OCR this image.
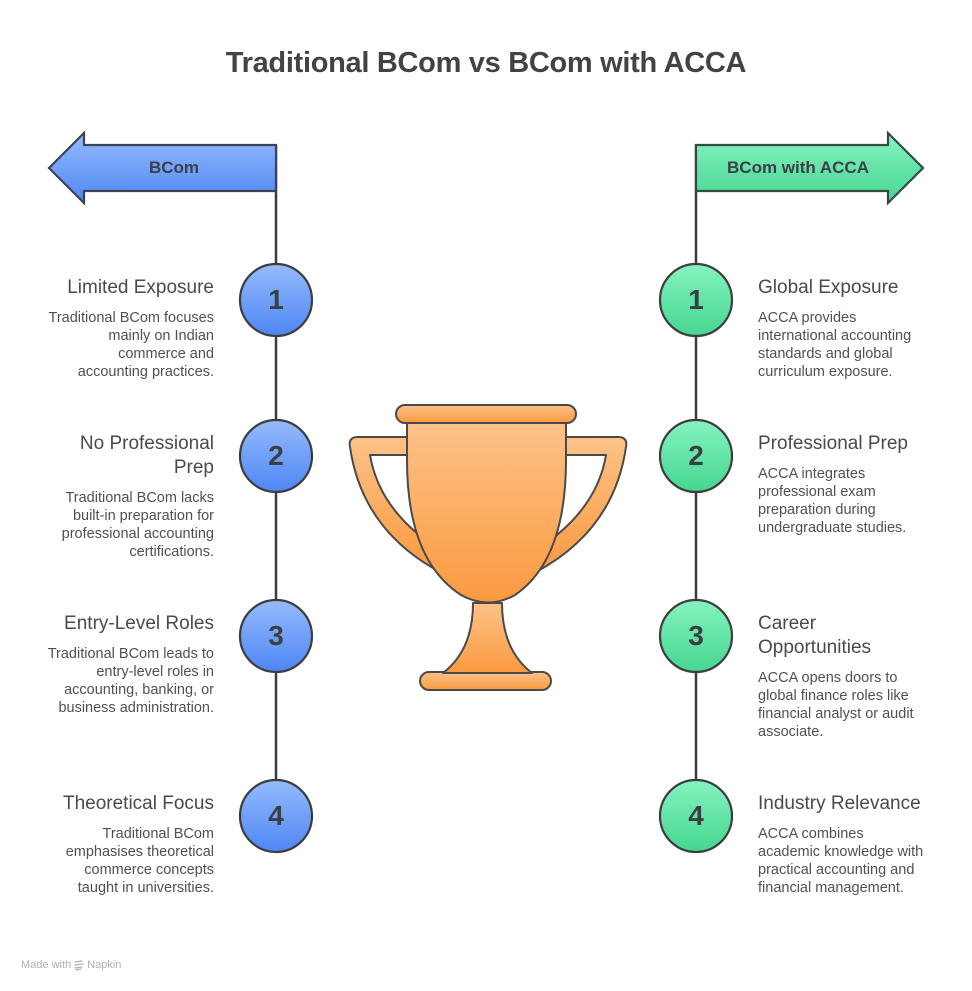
Traditional BCom vs BCom with ACCA
BCom	BCom with ACCA
1
2
3
4
1
2
3
4
Limited Exposure
Traditional BCom focuses mainly on Indian commerce and accounting practices.
No Professional Prep
Traditional BCom lacks built-in preparation for professional accounting certifications.
Entry-Level Roles
Traditional BCom leads to entry-level roles in accounting, banking, or business administration.
Theoretical Focus
Traditional BCom emphasises theoretical commerce concepts taught in universities.
Global Exposure
ACCA provides international accounting standards and global curriculum exposure.
Professional Prep
ACCA integrates professional exam preparation during undergraduate studies.
Career Opportunities
ACCA opens doors to global finance roles like financial analyst or audit associate.
Industry Relevance
ACCA combines academic knowledge with practical accounting and financial management.
Made with Napkin
